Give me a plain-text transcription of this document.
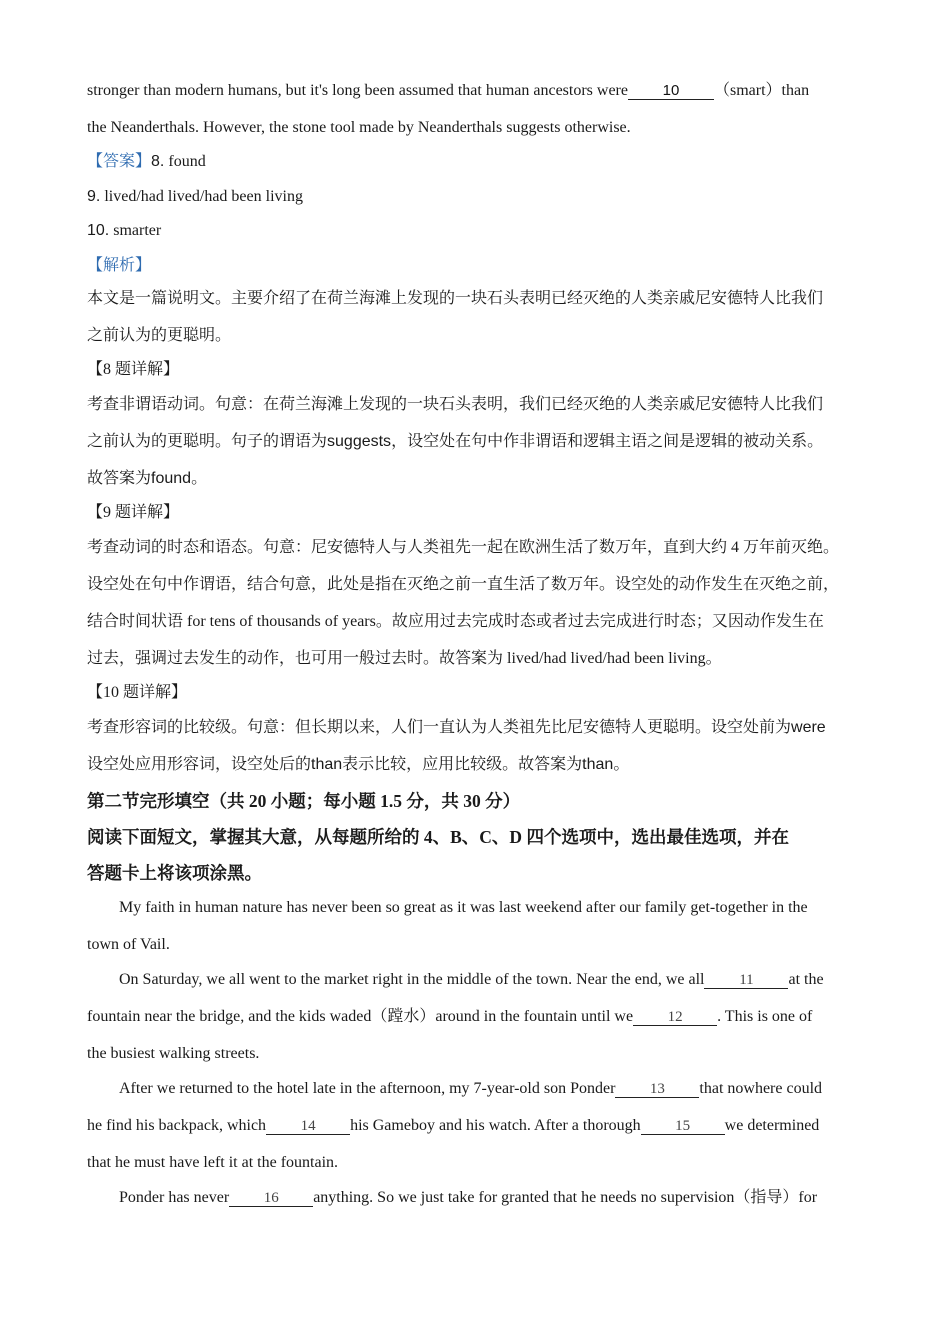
stronger than modern humans, but it's long been assumed that human ancestors were 10 （smart）than
the Neanderthals. However, the stone tool made by Neanderthals suggests otherwise.
【答案】8. found
9. lived/had lived/had been living
10. smarter
【解析】
本文是一篇说明文。主要介绍了在荷兰海滩上发现的一块石头表明已经灭绝的人类亲戚尼安德特人比我们
之前认为的更聪明。
【8 题详解】
考查非谓语动词。句意：在荷兰海滩上发现的一块石头表明，我们已经灭绝的人类亲戚尼安德特人比我们
之前认为的更聪明。句子的谓语为suggests，设空处在句中作非谓语和逻辑主语之间是逻辑的被动关系。
故答案为found。
【9 题详解】
考查动词的时态和语态。句意：尼安德特人与人类祖先一起在欧洲生活了数万年，直到大约 4 万年前灭绝。
设空处在句中作谓语，结合句意，此处是指在灭绝之前一直生活了数万年。设空处的动作发生在灭绝之前，
结合时间状语 for tens of thousands of years。故应用过去完成时态或者过去完成进行时态；又因动作发生在
过去，强调过去发生的动作，也可用一般过去时。故答案为 lived/had lived/had been living。
【10 题详解】
考查形容词的比较级。句意：但长期以来，人们一直认为人类祖先比尼安德特人更聪明。设空处前为were
设空处应用形容词，设空处后的than表示比较，应用比较级。故答案为than。
第二节完形填空（共 20 小题；每小题 1.5 分，共 30 分）
阅读下面短文，掌握其大意，从每题所给的 4、B、C、D 四个选项中，选出最佳选项，并在
答题卡上将该项涂黑。
My faith in human nature has never been so great as it was last weekend after our family get-together in the
town of Vail.
On Saturday, we all went to the market right in the middle of the town. Near the end, we all 11 at the
fountain near the bridge, and the kids waded（蹚水）around in the fountain until we 12 . This is one of
the busiest walking streets.
After we returned to the hotel late in the afternoon, my 7-year-old son Ponder 13 that nowhere could
he find his backpack, which 14 his Gameboy and his watch. After a thorough 15 we determined
that he must have left it at the fountain.
Ponder has never 16 anything. So we just take for granted that he needs no supervision（指导）for
